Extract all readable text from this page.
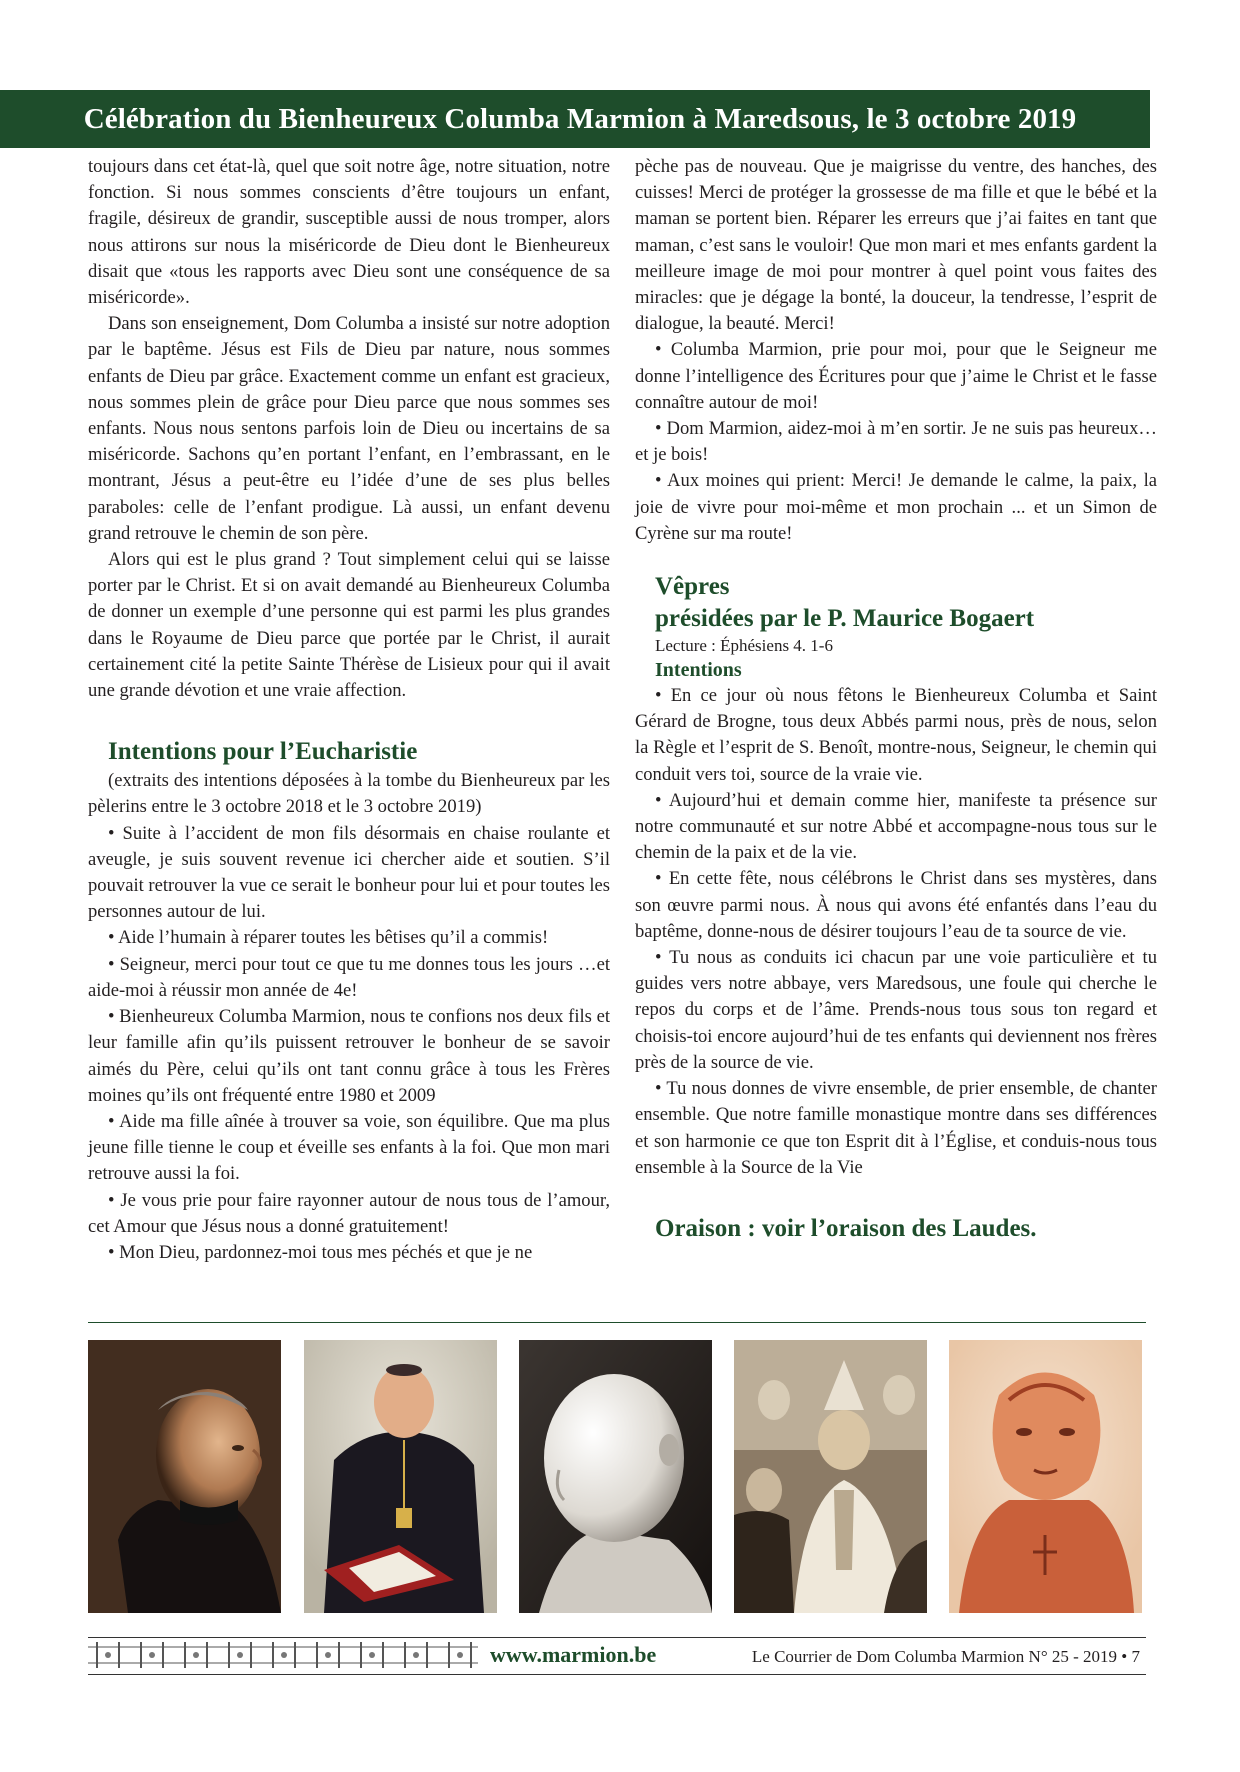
Célébration du Bienheureux Columba Marmion à Maredsous, le 3 octobre 2019

toujours dans cet état-là, quel que soit notre âge, notre situation, notre fonction. Si nous sommes conscients d’être toujours un enfant, fragile, désireux de grandir, susceptible aussi de nous tromper, alors nous attirons sur nous la miséricorde de Dieu dont le Bienheureux disait que «tous les rapports avec Dieu sont une conséquence de sa miséricorde».

Dans son enseignement, Dom Columba a insisté sur notre adoption par le baptême. Jésus est Fils de Dieu par nature, nous sommes enfants de Dieu par grâce. Exactement comme un enfant est gracieux, nous sommes plein de grâce pour Dieu parce que nous sommes ses enfants. Nous nous sentons parfois loin de Dieu ou incertains de sa miséricorde. Sachons qu’en portant l’enfant, en l’embrassant, en le montrant, Jésus a peut-être eu l’idée d’une de ses plus belles paraboles: celle de l’enfant prodigue. Là aussi, un enfant devenu grand retrouve le chemin de son père.

Alors qui est le plus grand ? Tout simplement celui qui se laisse porter par le Christ. Et si on avait demandé au Bienheureux Columba de donner un exemple d’une personne qui est parmi les plus grandes dans le Royaume de Dieu parce que portée par le Christ, il aurait certainement cité la petite Sainte Thérèse de Lisieux pour qui il avait une grande dévotion et une vraie affection.

Intentions pour l’Eucharistie

(extraits des intentions déposées à la tombe du Bienheureux par les pèlerins entre le 3 octobre 2018 et le 3 octobre 2019)

• Suite à l’accident de mon fils désormais en chaise roulante et aveugle, je suis souvent revenue ici chercher aide et soutien. S’il pouvait retrouver la vue ce serait le bonheur pour lui et pour toutes les personnes autour de lui.

• Aide l’humain à réparer toutes les bêtises qu’il a commis!

• Seigneur, merci pour tout ce que tu me donnes tous les jours …et aide-moi à réussir mon année de 4e!

• Bienheureux Columba Marmion, nous te confions nos deux fils et leur famille afin qu’ils puissent retrouver le bonheur de se savoir aimés du Père, celui qu’ils ont tant connu grâce à tous les Frères moines qu’ils ont fréquenté entre 1980 et 2009

• Aide ma fille aînée à trouver sa voie, son équilibre. Que ma plus jeune fille tienne le coup et éveille ses enfants à la foi. Que mon mari retrouve aussi la foi.

• Je vous prie pour faire rayonner autour de nous tous de l’amour, cet Amour que Jésus nous a donné gratuitement!

• Mon Dieu, pardonnez-moi tous mes péchés et que je ne

pèche pas de nouveau. Que je maigrisse du ventre, des hanches, des cuisses! Merci de protéger la grossesse de ma fille et que le bébé et la maman se portent bien. Réparer les erreurs que j’ai faites en tant que maman, c’est sans le vouloir! Que mon mari et mes enfants gardent la meilleure image de moi pour montrer à quel point vous faites des miracles: que je dégage la bonté, la douceur, la tendresse, l’esprit de dialogue, la beauté. Merci!

• Columba Marmion, prie pour moi, pour que le Seigneur me donne l’intelligence des Écritures pour que j’aime le Christ et le fasse connaître autour de moi!

• Dom Marmion, aidez-moi à m’en sortir. Je ne suis pas heureux… et je bois!

• Aux moines qui prient: Merci! Je demande le calme, la paix, la joie de vivre pour moi-même et mon prochain ... et un Simon de Cyrène sur ma route!

Vêpres
présidées par le P. Maurice Bogaert

Lecture : Éphésiens 4. 1-6

Intentions

• En ce jour où nous fêtons le Bienheureux Columba et Saint Gérard de Brogne, tous deux Abbés parmi nous, près de nous, selon la Règle et l’esprit de S. Benoît, montre-nous, Seigneur, le chemin qui conduit vers toi, source de la vraie vie.

• Aujourd’hui et demain comme hier, manifeste ta présence sur notre communauté et sur notre Abbé et accompagne-nous tous sur le chemin de la paix et de la vie.

• En cette fête, nous célébrons le Christ dans ses mystères, dans son œuvre parmi nous. À nous qui avons été enfantés dans l’eau du baptême, donne-nous de désirer toujours l’eau de ta source de vie.

• Tu nous as conduits ici chacun par une voie particulière et tu guides vers notre abbaye, vers Maredsous, une foule qui cherche le repos du corps et de l’âme. Prends-nous tous sous ton regard et choisis-toi encore aujourd’hui de tes enfants qui deviennent nos frères près de la source de vie.

• Tu nous donnes de vivre ensemble, de prier ensemble, de chanter ensemble. Que notre famille monastique montre dans ses différences et son harmonie ce que ton Esprit dit à l’Église, et conduis-nous tous ensemble à la Source de la Vie

Oraison : voir l’oraison des Laudes.
www.marmion.be	Le Courrier de Dom Columba Marmion N° 25 - 2019 • 7
